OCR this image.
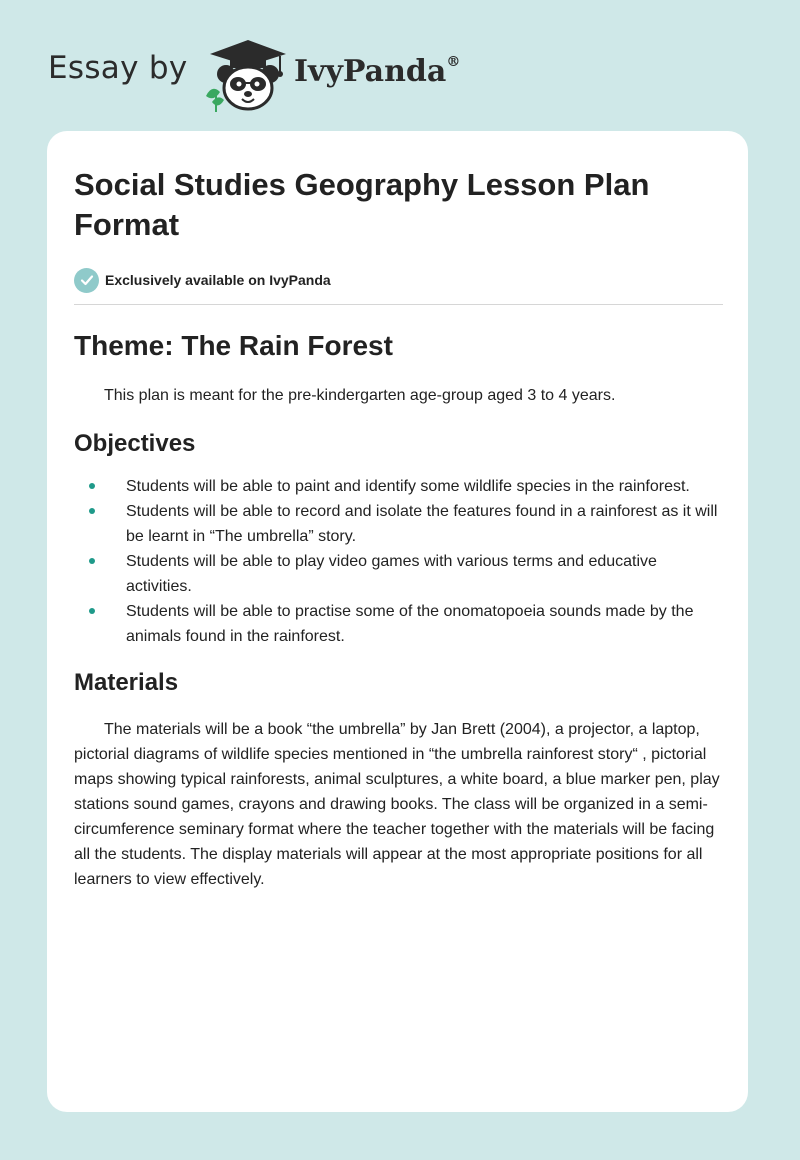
Essay by	IvyPanda®
Social Studies Geography Lesson Plan Format
Exclusively available on IvyPanda
Theme: The Rain Forest

This plan is meant for the pre-kindergarten age-group aged 3 to 4 years.

Objectives
Students will be able to paint and identify some wildlife species in the rainforest.
Students will be able to record and isolate the features found in a rainforest as it will be learnt in “The umbrella” story.
Students will be able to play video games with various terms and educative activities.
Students will be able to practise some of the onomatopoeia sounds made by the animals found in the rainforest.
Materials

The materials will be a book “the umbrella” by Jan Brett (2004), a projector, a laptop, pictorial diagrams of wildlife species mentioned in “the umbrella rainforest story“ , pictorial maps showing typical rainforests, animal sculptures, a white board, a blue marker pen, play stations sound games, crayons and drawing books. The class will be organized in a semi-circumference seminary format where the teacher together with the materials will be facing all the students. The display materials will appear at the most appropriate positions for all learners to view effectively.
